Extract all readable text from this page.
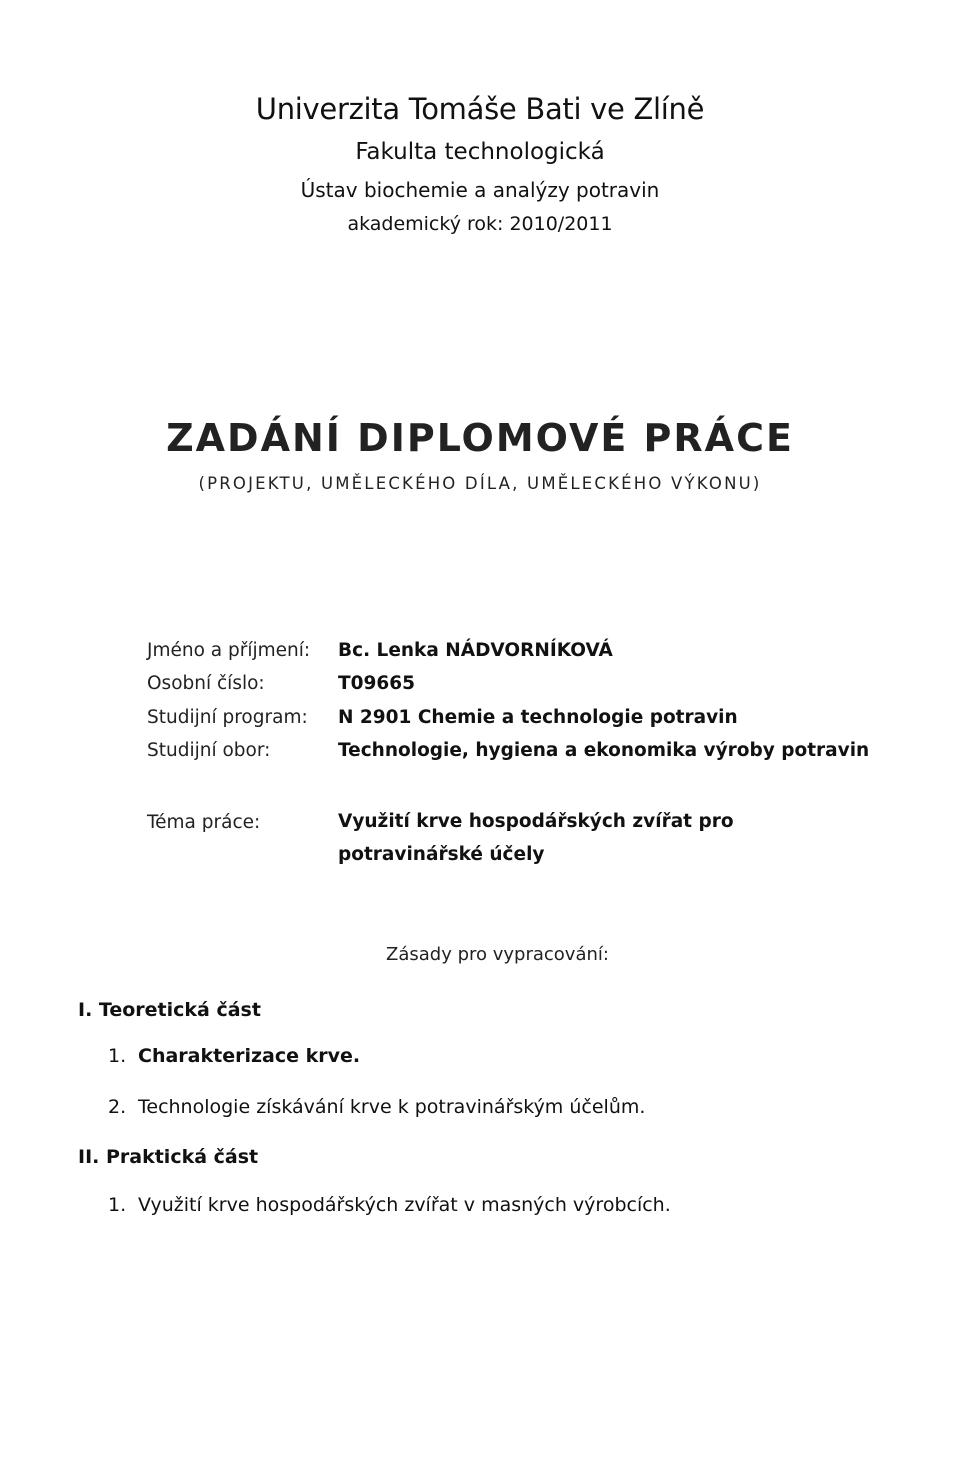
Univerzita Tomáše Bati ve Zlíně
Fakulta technologická
Ústav biochemie a analýzy potravin
akademický rok: 2010/2011
ZADÁNÍ DIPLOMOVÉ PRÁCE
(PROJEKTU, UMĚLECKÉHO DÍLA, UMĚLECKÉHO VÝKONU)
Jméno a příjmení: Bc. Lenka NÁDVORNÍKOVÁ
Osobní číslo:	T09665
Studijní program: N 2901 Chemie a technologie potravin
Studijní obor:	Technologie, hygiena a ekonomika výroby potravin
Téma práce:	Využití krve hospodářských zvířat pro potravinářské účely
Zásady pro vypracování:
I. Teoretická část
1. Charakterizace krve.
2. Technologie získávání krve k potravinářským účelům.
II. Praktická část
1. Využití krve hospodářských zvířat v masných výrobcích.
